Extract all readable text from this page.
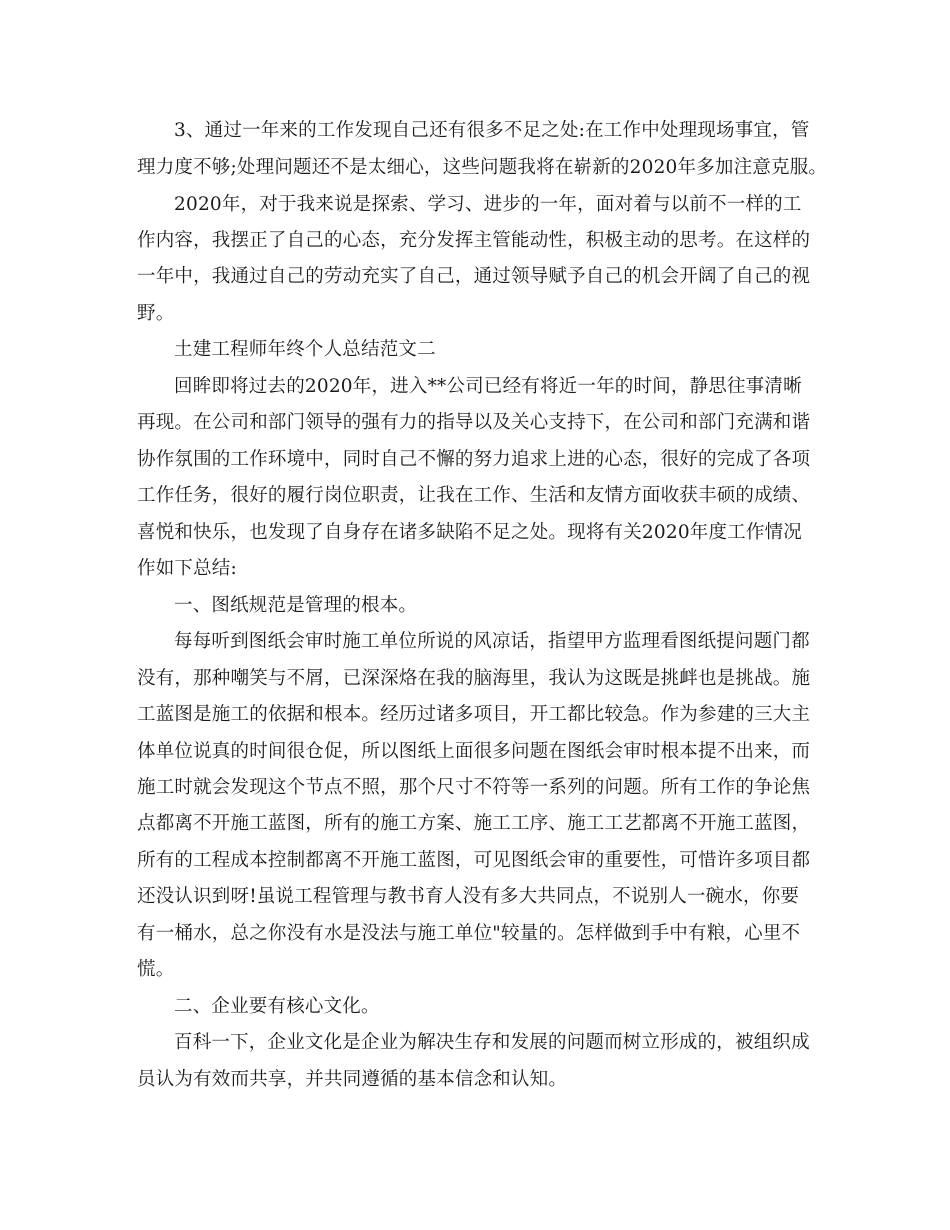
3、通过一年来的工作发现自己还有很多不足之处:在工作中处理现场事宜，管
理力度不够;处理问题还不是太细心，这些问题我将在崭新的2020年多加注意克服。
2020年，对于我来说是探索、学习、进步的一年，面对着与以前不一样的工
作内容，我摆正了自己的心态，充分发挥主管能动性，积极主动的思考。在这样的
一年中，我通过自己的劳动充实了自己，通过领导赋予自己的机会开阔了自己的视
野。
土建工程师年终个人总结范文二
回眸即将过去的2020年，进入**公司已经有将近一年的时间，静思往事清晰
再现。在公司和部门领导的强有力的指导以及关心支持下，在公司和部门充满和谐
协作氛围的工作环境中，同时自己不懈的努力追求上进的心态，很好的完成了各项
工作任务，很好的履行岗位职责，让我在工作、生活和友情方面收获丰硕的成绩、
喜悦和快乐，也发现了自身存在诸多缺陷不足之处。现将有关2020年度工作情况
作如下总结:
一、图纸规范是管理的根本。
每每听到图纸会审时施工单位所说的风凉话，指望甲方监理看图纸提问题门都
没有，那种嘲笑与不屑，已深深烙在我的脑海里，我认为这既是挑衅也是挑战。施
工蓝图是施工的依据和根本。经历过诸多项目，开工都比较急。作为参建的三大主
体单位说真的时间很仓促，所以图纸上面很多问题在图纸会审时根本提不出来，而
施工时就会发现这个节点不照，那个尺寸不符等一系列的问题。所有工作的争论焦
点都离不开施工蓝图，所有的施工方案、施工工序、施工工艺都离不开施工蓝图，
所有的工程成本控制都离不开施工蓝图，可见图纸会审的重要性，可惜许多项目都
还没认识到呀!虽说工程管理与教书育人没有多大共同点，不说别人一碗水，你要
有一桶水，总之你没有水是没法与施工单位"较量的。怎样做到手中有粮，心里不
慌。
二、企业要有核心文化。
百科一下，企业文化是企业为解决生存和发展的问题而树立形成的，被组织成
员认为有效而共享，并共同遵循的基本信念和认知。
